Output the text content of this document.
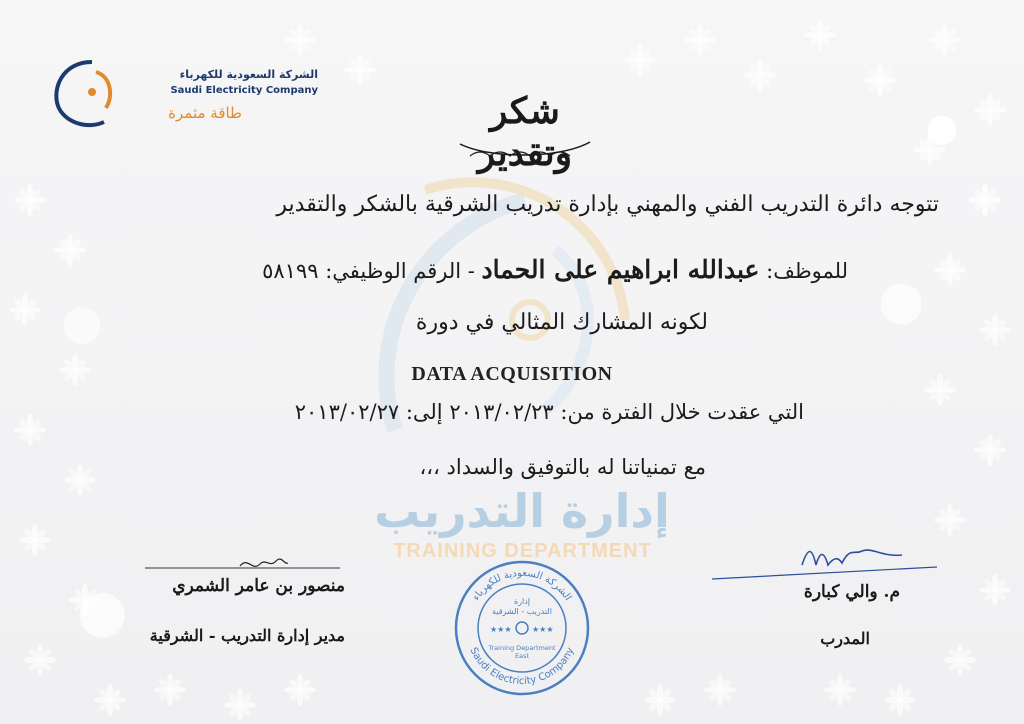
الشركة السعودية للكهرباء
Saudi Electricity Company
طاقة مثمرة	شكر وتقدير
تتوجه دائرة التدريب الفني والمهني بإدارة تدريب الشرقية بالشكر والتقدير
للموظف: عبدالله ابراهيم على الحماد - الرقم الوظيفي: ٥٨١٩٩
لكونه المشارك المثالي في دورة
DATA ACQUISITION
التي عقدت خلال الفترة من: ٢٠١٣/٠٢/٢٣ إلى: ٢٠١٣/٠٢/٢٧
مع تمنياتنا له بالتوفيق والسداد ،،،
إدارة التدريب
TRAINING DEPARTMENT
منصور بن عامر الشمري
مدير إدارة التدريب - الشرقية
م. والي كبارة
المدرب
الشركة السعودية للكهرباء
Saudi Electricity Company
إدارة
التدريب - الشرقية
★★★	★★★
Training Department
East
